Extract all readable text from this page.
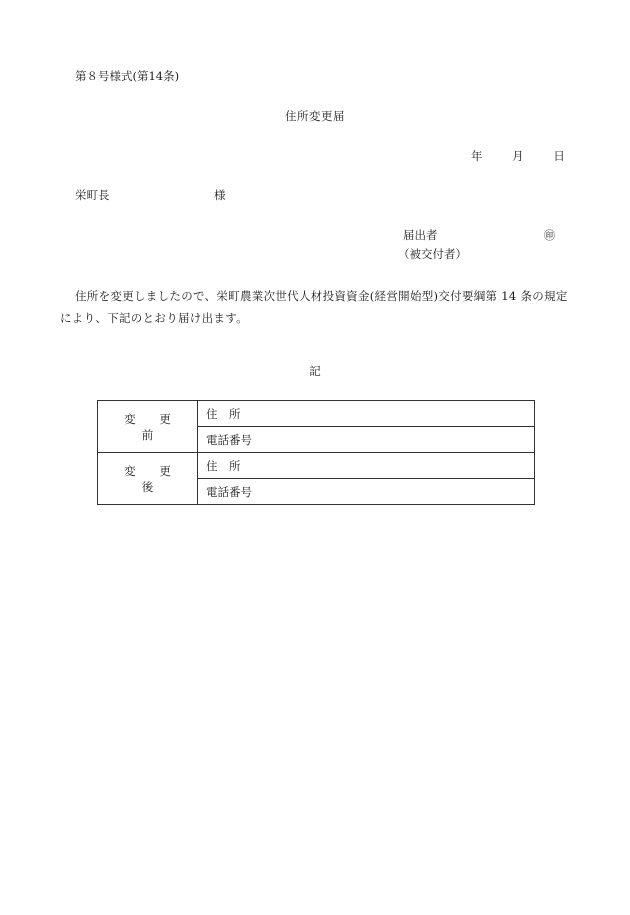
第８号様式(第14条)
住所変更届
年	月	日
栄町長	様
届出者	㊞
（被交付者）
住所を変更しましたので、栄町農業次世代人材投資資金(経営開始型)交付要綱第 14 条の規定により、下記のとおり届け出ます。
記
変 更 前	住　所
	電話番号
変 更 後	住　所
	電話番号
